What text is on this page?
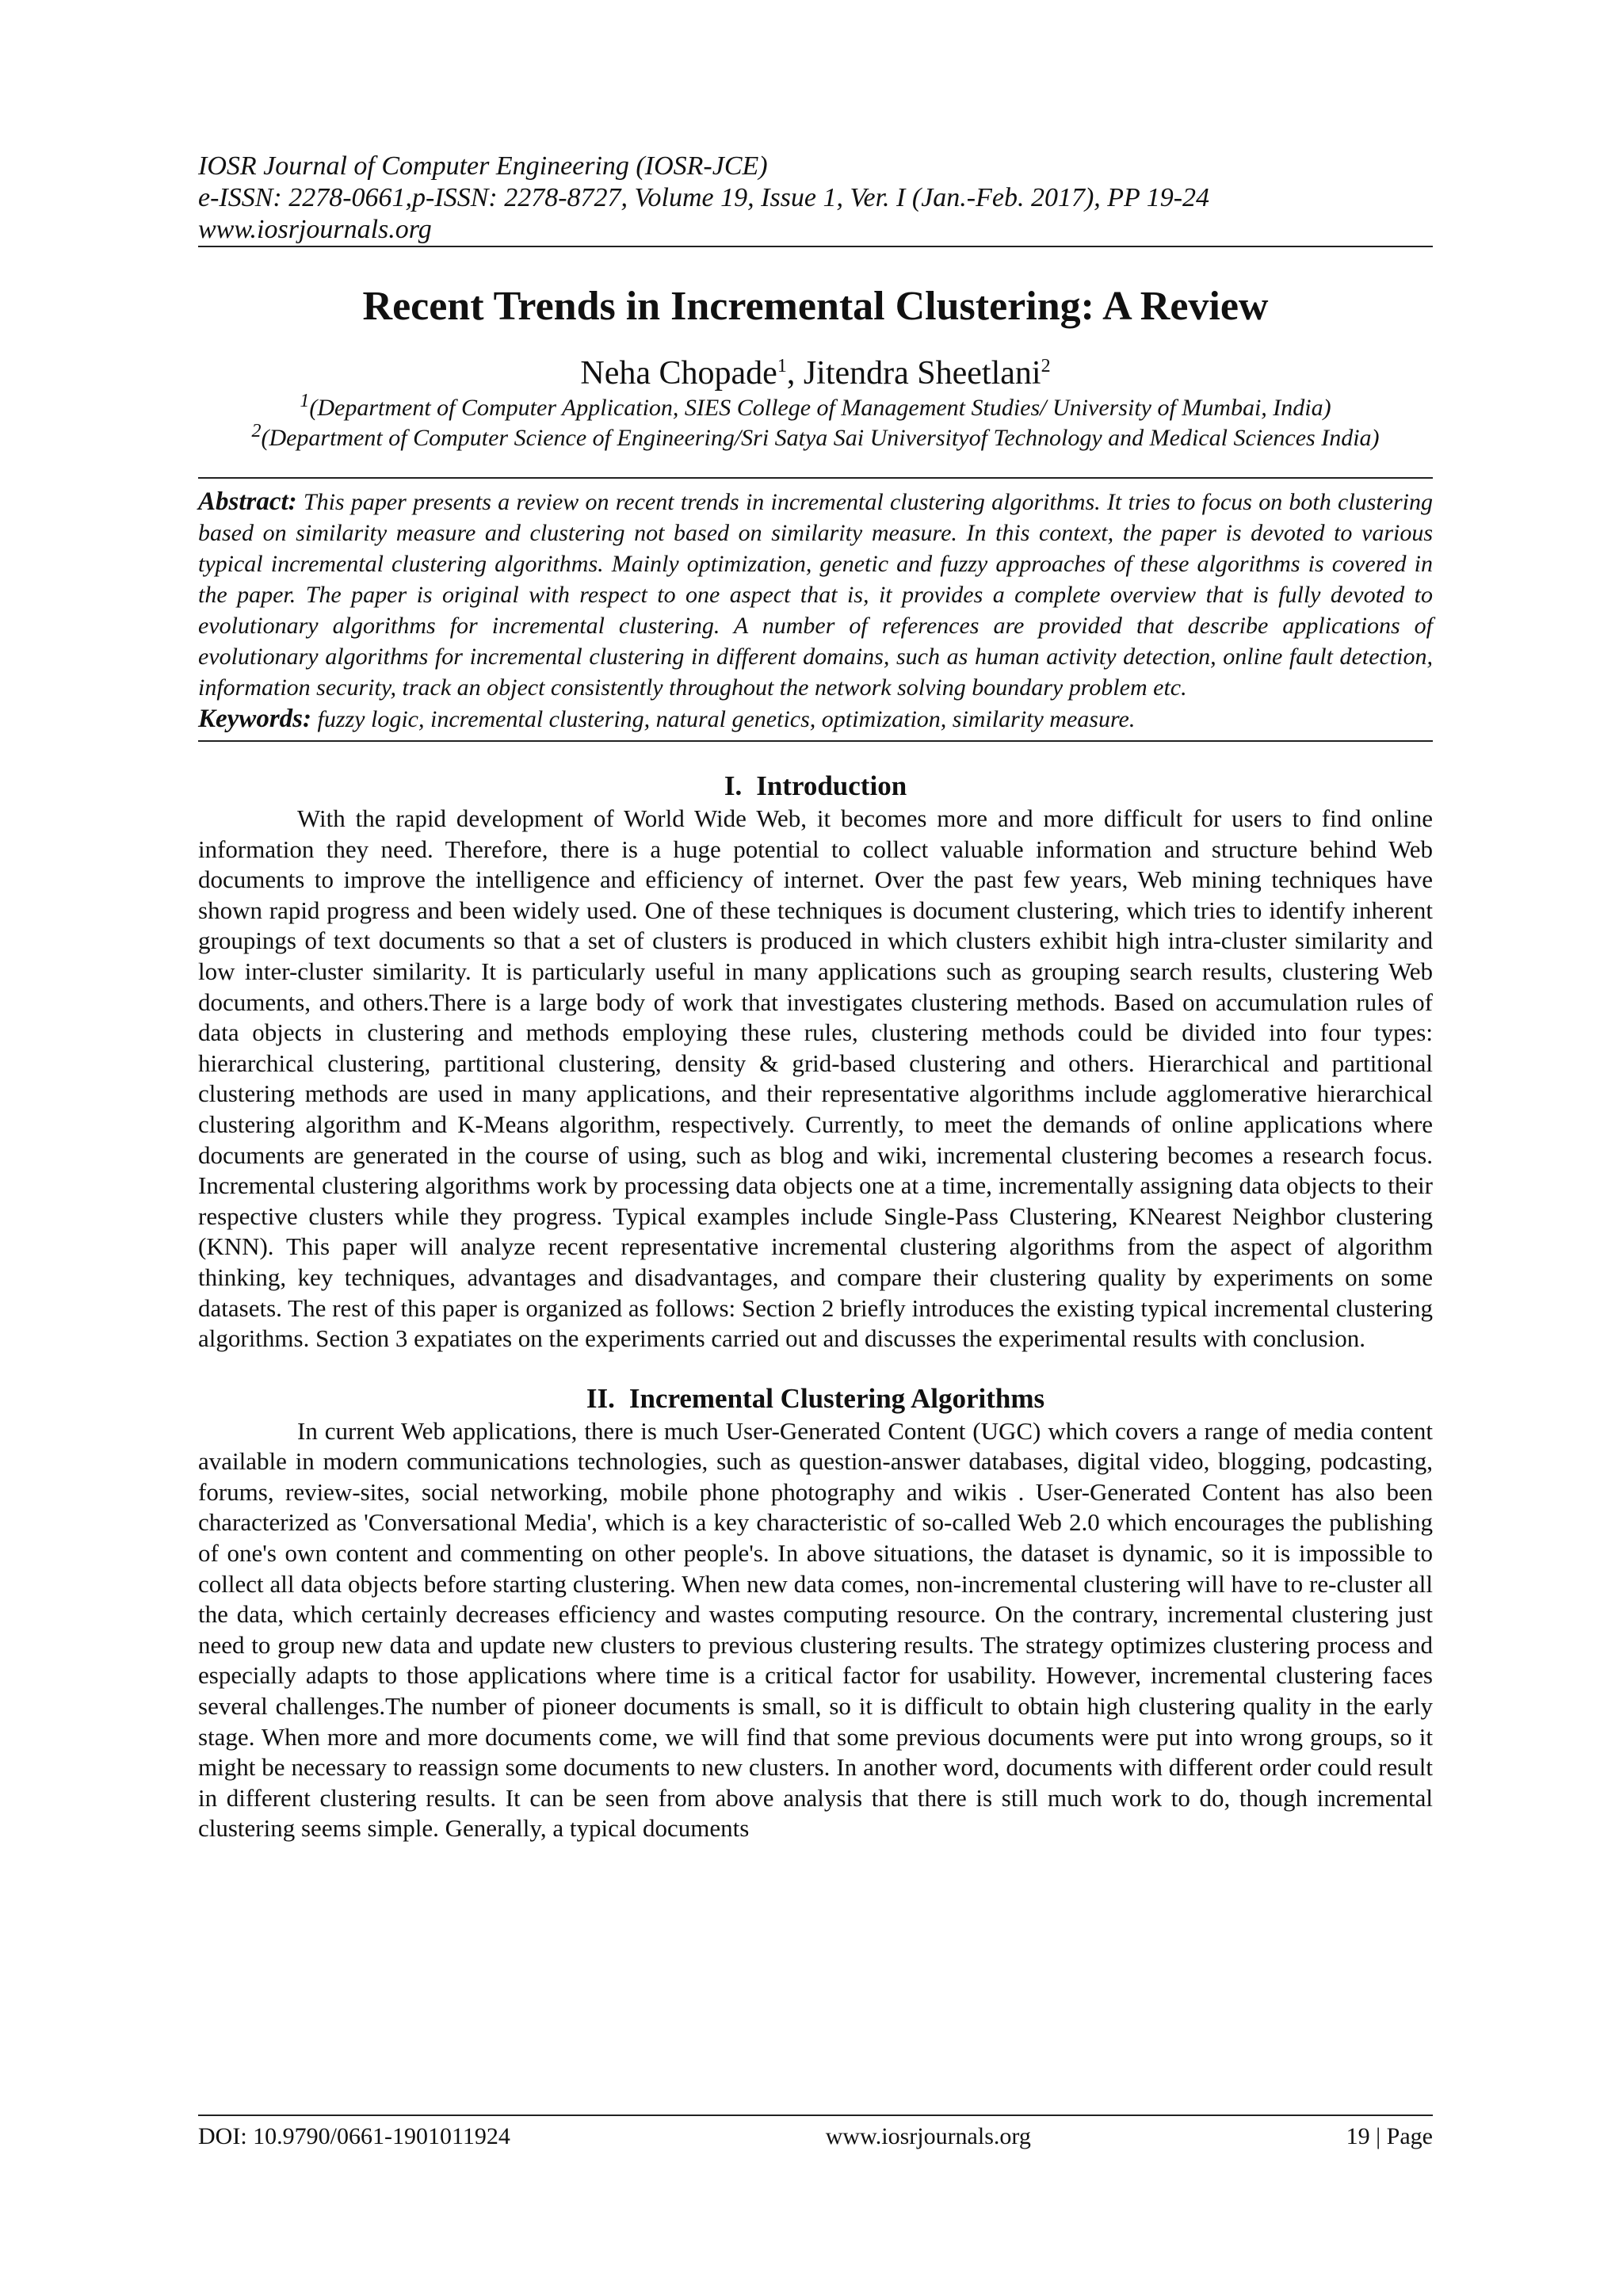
IOSR Journal of Computer Engineering (IOSR-JCE)
e-ISSN: 2278-0661,p-ISSN: 2278-8727, Volume 19, Issue 1, Ver. I (Jan.-Feb. 2017), PP 19-24
www.iosrjournals.org
Recent Trends in Incremental Clustering: A Review
Neha Chopade$^1$, Jitendra Sheetlani$^2$
$^1$(Department of Computer Application, SIES College of Management Studies/ University of Mumbai, India)
$^2$(Department of Computer Science of Engineering/Sri Satya Sai Universityof Technology and Medical Sciences India)

Abstract: This paper presents a review on recent trends in incremental clustering algorithms. It tries to focus on both clustering based on similarity measure and clustering not based on similarity measure. In this context, the paper is devoted to various typical incremental clustering algorithms. Mainly optimization, genetic and fuzzy approaches of these algorithms is covered in the paper. The paper is original with respect to one aspect that is, it provides a complete overview that is fully devoted to evolutionary algorithms for incremental clustering. A number of references are provided that describe applications of evolutionary algorithms for incremental clustering in different domains, such as human activity detection, online fault detection, information security, track an object consistently throughout the network solving boundary problem etc.

Keywords: fuzzy logic, incremental clustering, natural genetics, optimization, similarity measure.

I. Introduction

With the rapid development of World Wide Web, it becomes more and more difficult for users to find online information they need. Therefore, there is a huge potential to collect valuable information and structure behind Web documents to improve the intelligence and efficiency of internet. Over the past few years, Web mining techniques have shown rapid progress and been widely used. One of these techniques is document clustering, which tries to identify inherent groupings of text documents so that a set of clusters is produced in which clusters exhibit high intra-cluster similarity and low inter-cluster similarity. It is particularly useful in many applications such as grouping search results, clustering Web documents, and others.There is a large body of work that investigates clustering methods. Based on accumulation rules of data objects in clustering and methods employing these rules, clustering methods could be divided into four types: hierarchical clustering, partitional clustering, density & grid-based clustering and others. Hierarchical and partitional clustering methods are used in many applications, and their representative algorithms include agglomerative hierarchical clustering algorithm and K-Means algorithm, respectively. Currently, to meet the demands of online applications where documents are generated in the course of using, such as blog and wiki, incremental clustering becomes a research focus. Incremental clustering algorithms work by processing data objects one at a time, incrementally assigning data objects to their respective clusters while they progress. Typical examples include Single-Pass Clustering, KNearest Neighbor clustering (KNN). This paper will analyze recent representative incremental clustering algorithms from the aspect of algorithm thinking, key techniques, advantages and disadvantages, and compare their clustering quality by experiments on some datasets. The rest of this paper is organized as follows: Section 2 briefly introduces the existing typical incremental clustering algorithms. Section 3 expatiates on the experiments carried out and discusses the experimental results with conclusion.

II. Incremental Clustering Algorithms

In current Web applications, there is much User-Generated Content (UGC) which covers a range of media content available in modern communications technologies, such as question-answer databases, digital video, blogging, podcasting, forums, review-sites, social networking, mobile phone photography and wikis . User-Generated Content has also been characterized as 'Conversational Media', which is a key characteristic of so-called Web 2.0 which encourages the publishing of one's own content and commenting on other people's. In above situations, the dataset is dynamic, so it is impossible to collect all data objects before starting clustering. When new data comes, non-incremental clustering will have to re-cluster all the data, which certainly decreases efficiency and wastes computing resource. On the contrary, incremental clustering just need to group new data and update new clusters to previous clustering results. The strategy optimizes clustering process and especially adapts to those applications where time is a critical factor for usability. However, incremental clustering faces several challenges.The number of pioneer documents is small, so it is difficult to obtain high clustering quality in the early stage. When more and more documents come, we will find that some previous documents were put into wrong groups, so it might be necessary to reassign some documents to new clusters. In another word, documents with different order could result in different clustering results. It can be seen from above analysis that there is still much work to do, though incremental clustering seems simple. Generally, a typical documents

DOI: 10.9790/0661-1901011924	www.iosrjournals.org	19 | Page
